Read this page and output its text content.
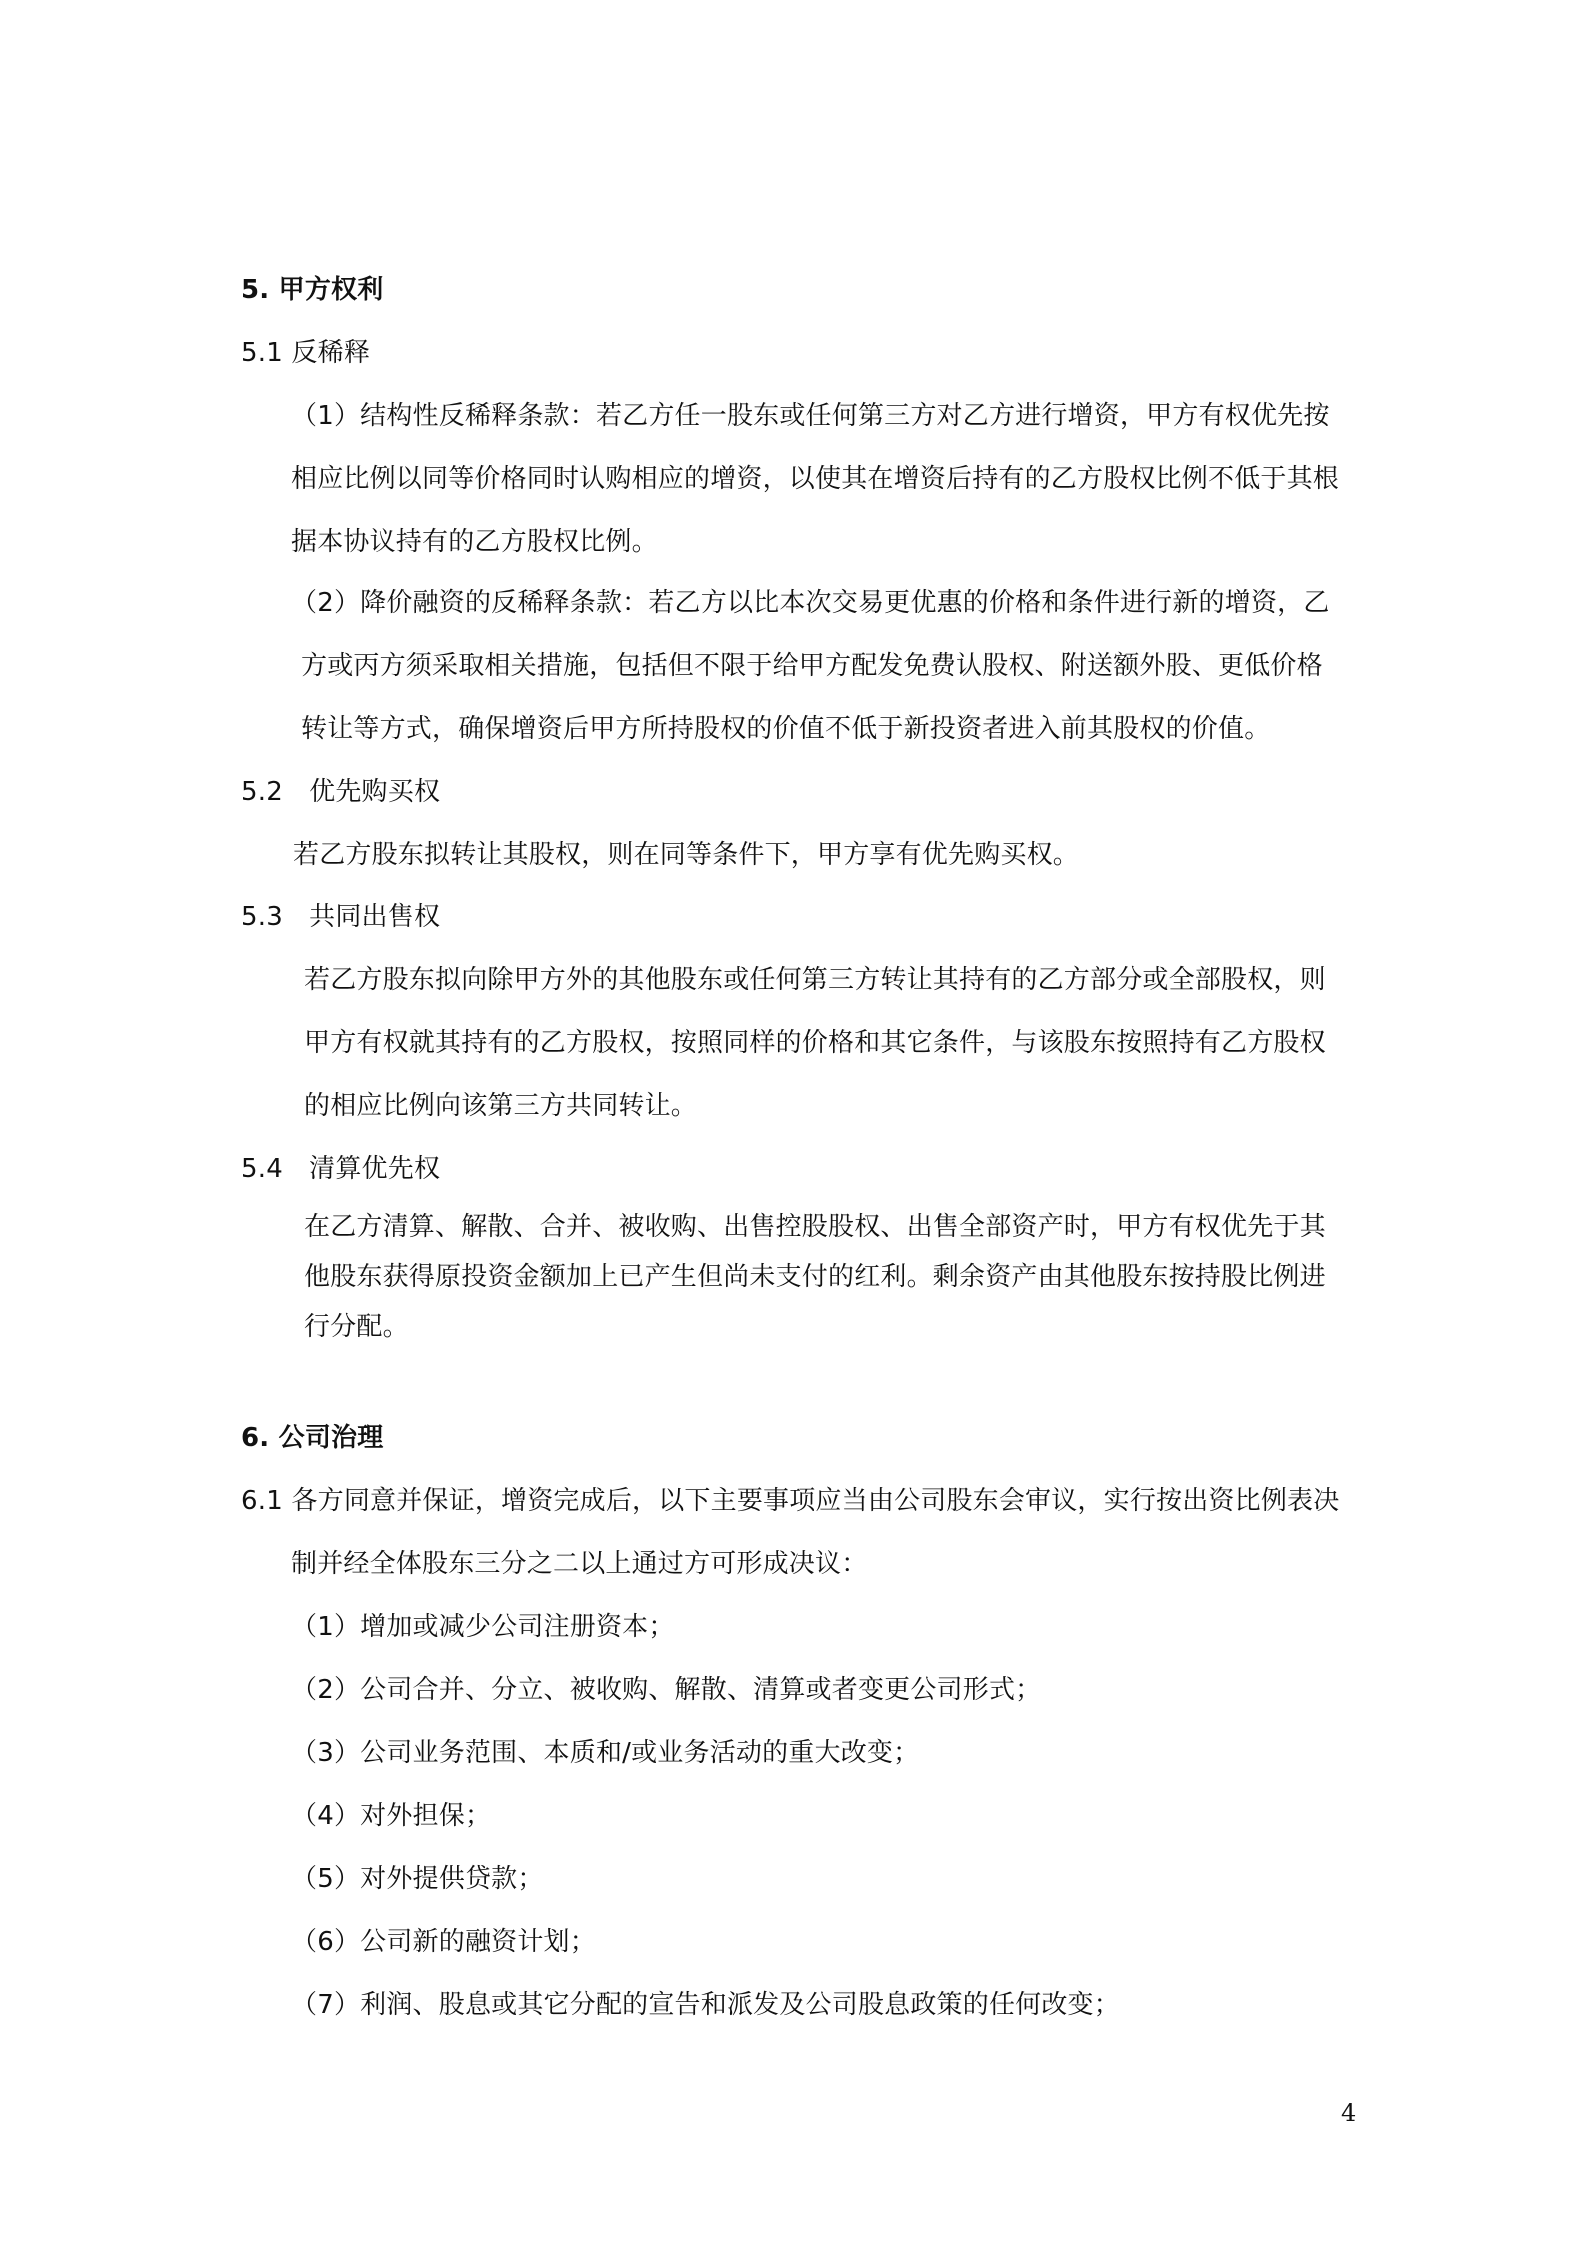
5. 甲方权利
5.1 反稀释
（1）结构性反稀释条款：若乙方任一股东或任何第三方对乙方进行增资，甲方有权优先按
相应比例以同等价格同时认购相应的增资，以使其在增资后持有的乙方股权比例不低于其根
据本协议持有的乙方股权比例。
（2）降价融资的反稀释条款：若乙方以比本次交易更优惠的价格和条件进行新的增资，乙
方或丙方须采取相关措施，包括但不限于给甲方配发免费认股权、附送额外股、更低价格
转让等方式，确保增资后甲方所持股权的价值不低于新投资者进入前其股权的价值。
5.2　优先购买权
若乙方股东拟转让其股权，则在同等条件下，甲方享有优先购买权。
5.3　共同出售权
若乙方股东拟向除甲方外的其他股东或任何第三方转让其持有的乙方部分或全部股权，则
甲方有权就其持有的乙方股权，按照同样的价格和其它条件，与该股东按照持有乙方股权
的相应比例向该第三方共同转让。
5.4　清算优先权
在乙方清算、解散、合并、被收购、出售控股股权、出售全部资产时，甲方有权优先于其
他股东获得原投资金额加上已产生但尚未支付的红利。剩余资产由其他股东按持股比例进
行分配。
6. 公司治理
6.1 各方同意并保证，增资完成后，以下主要事项应当由公司股东会审议，实行按出资比例表决
制并经全体股东三分之二以上通过方可形成决议：
（1）增加或减少公司注册资本；
（2）公司合并、分立、被收购、解散、清算或者变更公司形式；
（3）公司业务范围、本质和/或业务活动的重大改变；
（4）对外担保；
（5）对外提供贷款；
（6）公司新的融资计划；
（7）利润、股息或其它分配的宣告和派发及公司股息政策的任何改变；
4
